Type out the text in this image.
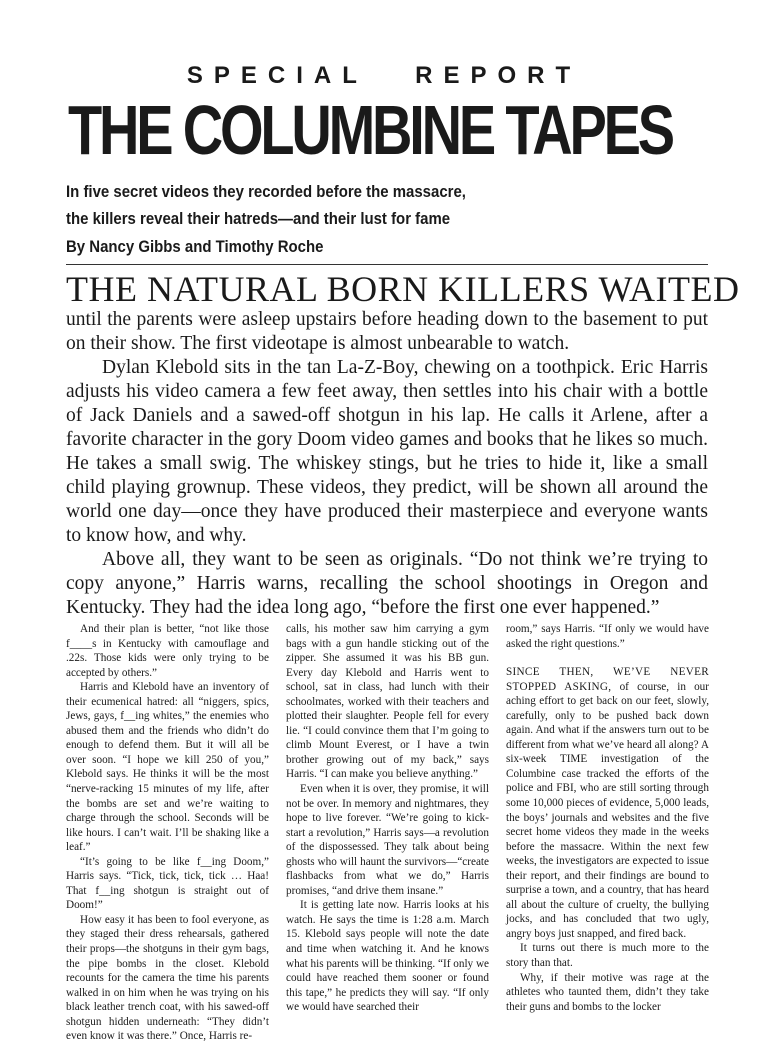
SPECIAL REPORT
THE COLUMBINE TAPES
In five secret videos they recorded before the massacre,
the killers reveal their hatreds—and their lust for fame
By Nancy Gibbs and Timothy Roche
THE NATURAL BORN KILLERS WAITED

until the parents were asleep upstairs before heading down to the basement to put on their show. The first videotape is almost unbearable to watch.

Dylan Klebold sits in the tan La-Z-Boy, chewing on a toothpick. Eric Harris adjusts his video camera a few feet away, then settles into his chair with a bottle of Jack Daniels and a sawed-off shotgun in his lap. He calls it Arlene, after a favorite character in the gory Doom video games and books that he likes so much. He takes a small swig. The whiskey stings, but he tries to hide it, like a small child playing grownup. These videos, they predict, will be shown all around the world one day—once they have produced their masterpiece and everyone wants to know how, and why.

Above all, they want to be seen as originals. “Do not think we’re trying to copy anyone,” Harris warns, recalling the school shootings in Oregon and Kentucky. They had the idea long ago, “before the first one ever happened.”

And their plan is better, “not like those f____s in Kentucky with camouflage and .22s. Those kids were only trying to be accepted by others.”

Harris and Klebold have an inventory of their ecumenical hatred: all “niggers, spics, Jews, gays, f__ing whites,” the enemies who abused them and the friends who didn’t do enough to defend them. But it will all be over soon. “I hope we kill 250 of you,” Klebold says. He thinks it will be the most “nerve-racking 15 minutes of my life, after the bombs are set and we’re waiting to charge through the school. Seconds will be like hours. I can’t wait. I’ll be shaking like a leaf.”

“It’s going to be like f__ing Doom,” Harris says. “Tick, tick, tick, tick … Haa! That f__ing shotgun is straight out of Doom!”

How easy it has been to fool everyone, as they staged their dress rehearsals, gathered their props—the shotguns in their gym bags, the pipe bombs in the closet. Klebold recounts for the camera the time his parents walked in on him when he was trying on his black leather trench coat, with his sawed-off shotgun hidden underneath: “They didn’t even know it was there.” Once, Harris re-

calls, his mother saw him carrying a gym bags with a gun handle sticking out of the zipper. She assumed it was his BB gun. Every day Klebold and Harris went to school, sat in class, had lunch with their schoolmates, worked with their teachers and plotted their slaughter. People fell for every lie. “I could convince them that I’m going to climb Mount Everest, or I have a twin brother growing out of my back,” says Harris. “I can make you believe anything.”

Even when it is over, they promise, it will not be over. In memory and nightmares, they hope to live forever. “We’re going to kick-start a revolution,” Harris says—a revolution of the dispossessed. They talk about being ghosts who will haunt the survivors—“create flashbacks from what we do,” Harris promises, “and drive them insane.”

It is getting late now. Harris looks at his watch. He says the time is 1:28 a.m. March 15. Klebold says people will note the date and time when watching it. And he knows what his parents will be thinking. “If only we could have reached them sooner or found this tape,” he predicts they will say. “If only we would have searched their

room,” says Harris. “If only we would have asked the right questions.”

SINCE THEN, WE’VE NEVER STOPPED ASKING, of course, in our aching effort to get back on our feet, slowly, carefully, only to be pushed back down again. And what if the answers turn out to be different from what we’ve heard all along? A six-week TIME investigation of the Columbine case tracked the efforts of the police and FBI, who are still sorting through some 10,000 pieces of evidence, 5,000 leads, the boys’ journals and websites and the five secret home videos they made in the weeks before the massacre. Within the next few weeks, the investigators are expected to issue their report, and their findings are bound to surprise a town, and a country, that has heard all about the culture of cruelty, the bullying jocks, and has concluded that two ugly, angry boys just snapped, and fired back.

It turns out there is much more to the story than that.

Why, if their motive was rage at the athletes who taunted them, didn’t they take their guns and bombs to the locker
